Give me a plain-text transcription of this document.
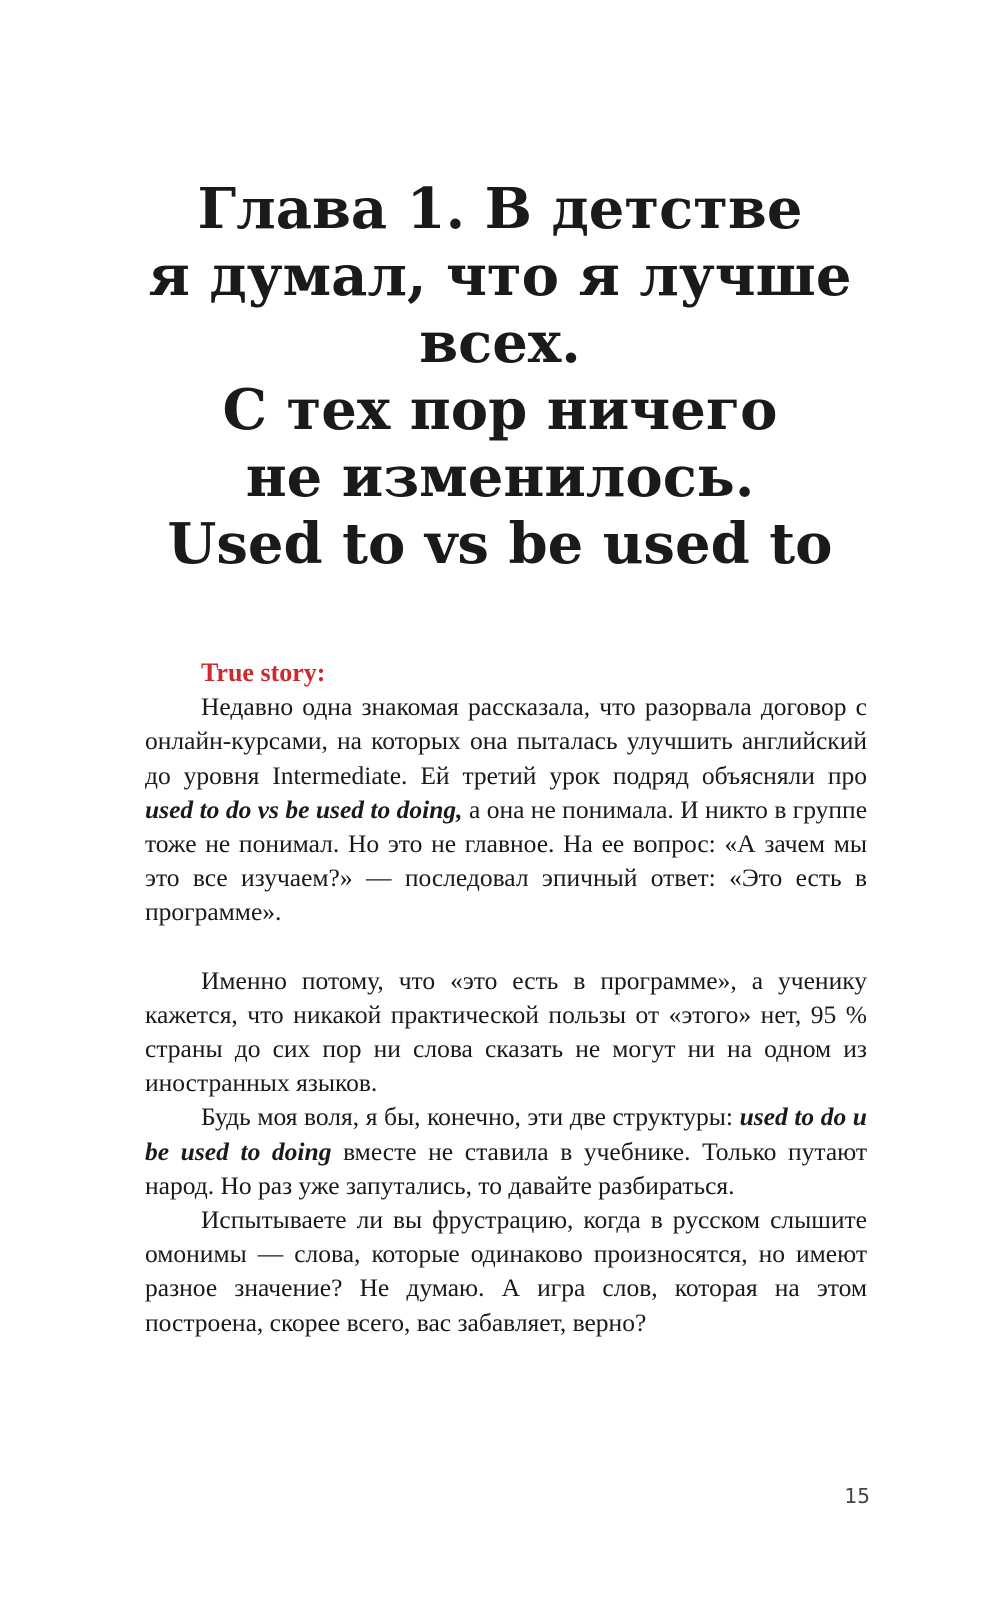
Глава 1. В детстве
я думал, что я лучше
всех.
С тех пор ничего
не изменилось.
Used to vs be used to

True story:

Недавно одна знакомая рассказала, что разорвала договор с онлайн-курсами, на которых она пыталась улучшить английский до уровня Intermediate. Ей третий урок подряд объясняли про used to do vs be used to doing, а она не понимала. И никто в группе тоже не понимал. Но это не главное. На ее вопрос: «А зачем мы это все изучаем?» — последовал эпичный ответ: «Это есть в программе».

Именно потому, что «это есть в программе», а ученику кажется, что никакой практической пользы от «этого» нет, 95 % страны до сих пор ни слова сказать не могут ни на одном из иностранных языков.

Будь моя воля, я бы, конечно, эти две структуры: used to do и be used to doing вместе не ставила в учебнике. Только путают народ. Но раз уже запутались, то давайте разбираться.

Испытываете ли вы фрустрацию, когда в русском слышите омонимы — слова, которые одинаково произносятся, но имеют разное значение? Не думаю. А игра слов, которая на этом построена, скорее всего, вас забавляет, верно?

15
